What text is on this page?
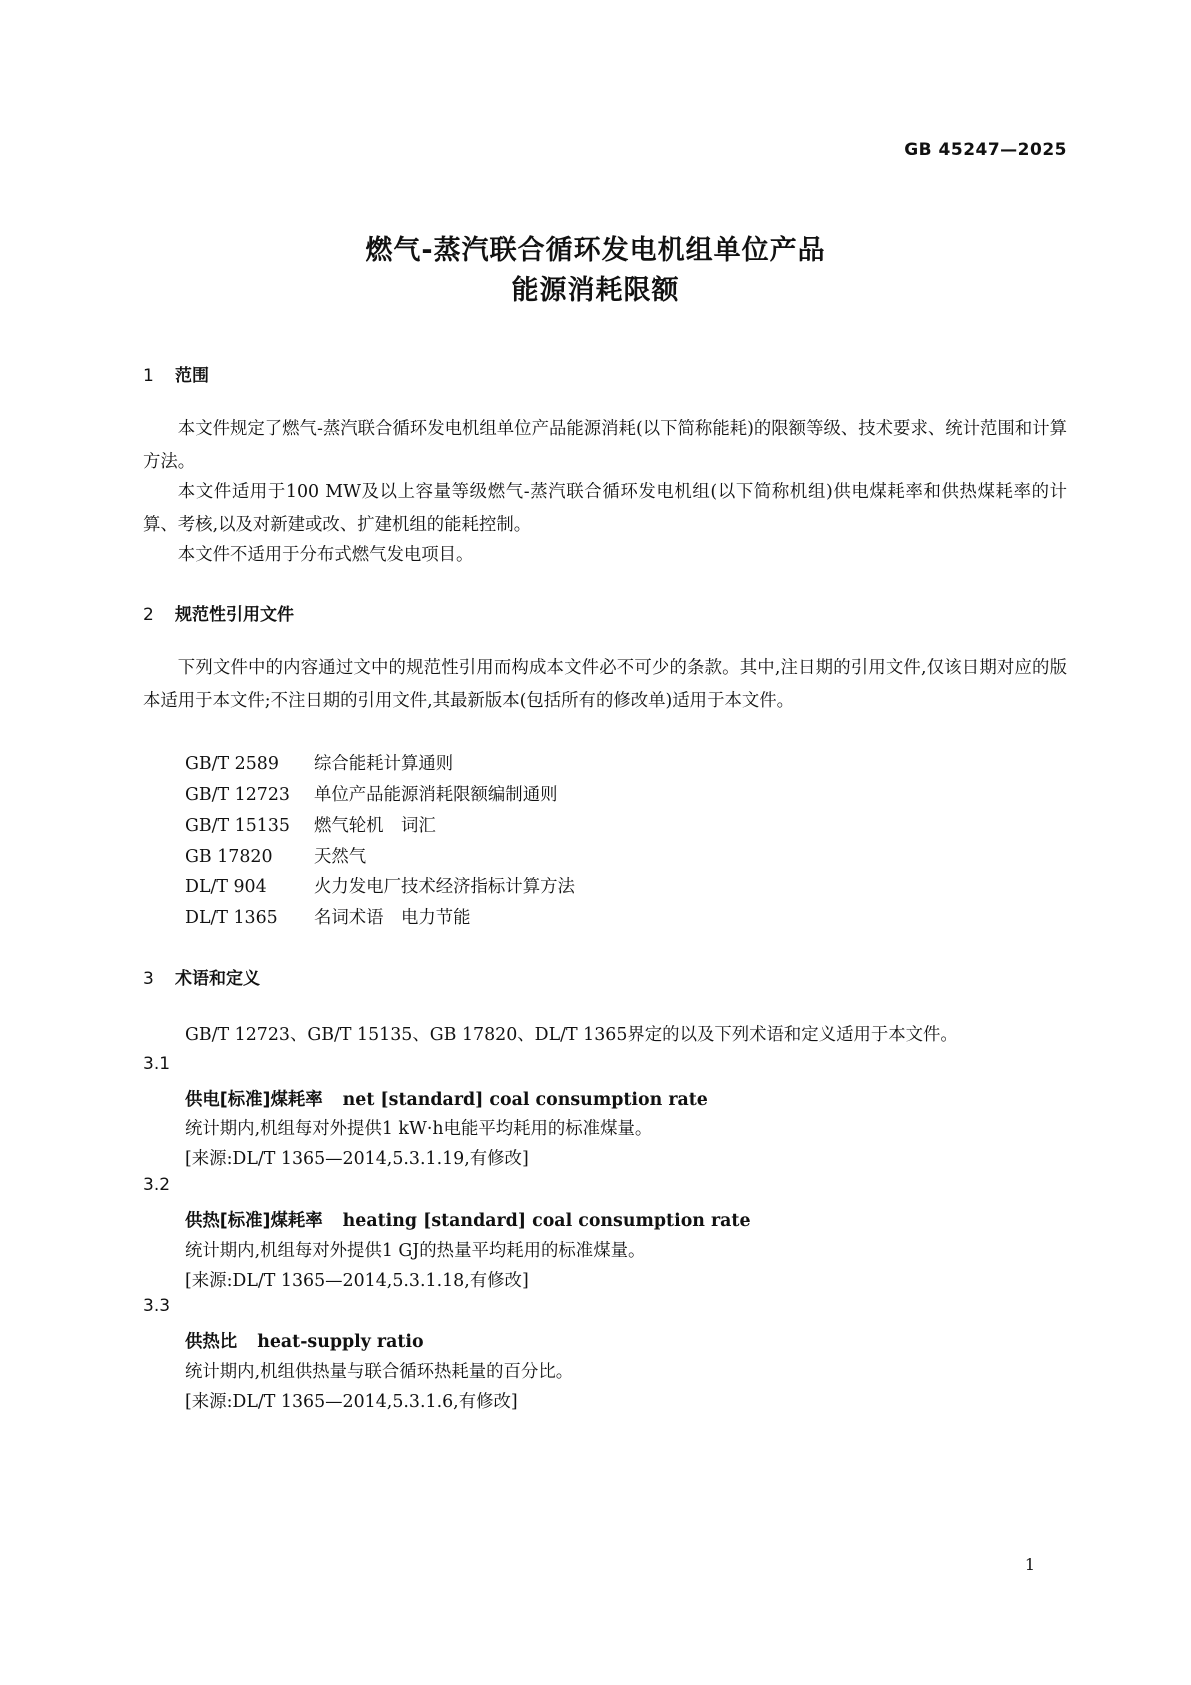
GB 45247—2025

燃气-蒸汽联合循环发电机组单位产品
能源消耗限额
1 范围

本文件规定了燃气-蒸汽联合循环发电机组单位产品能源消耗(以下简称能耗)的限额等级、技术要求、统计范围和计算方法。

本文件适用于100 MW及以上容量等级燃气-蒸汽联合循环发电机组(以下简称机组)供电煤耗率和供热煤耗率的计算、考核,以及对新建或改、扩建机组的能耗控制。

本文件不适用于分布式燃气发电项目。

2 规范性引用文件

下列文件中的内容通过文中的规范性引用而构成本文件必不可少的条款。其中,注日期的引用文件,仅该日期对应的版本适用于本文件;不注日期的引用文件,其最新版本(包括所有的修改单)适用于本文件。

GB/T 2589 综合能耗计算通则
GB/T 12723 单位产品能源消耗限额编制通则
GB/T 15135 燃气轮机　词汇
GB 17820 天然气
DL/T 904	火力发电厂技术经济指标计算方法
DL/T 1365 名词术语　电力节能
3 术语和定义

GB/T 12723、GB/T 15135、GB 17820、DL/T 1365界定的以及下列术语和定义适用于本文件。

3.1
供电[标准]煤耗率 net [standard] coal consumption rate

统计期内,机组每对外提供1 kW·h电能平均耗用的标准煤量。

[来源:DL/T 1365—2014,5.3.1.19,有修改]

3.2
供热[标准]煤耗率 heating [standard] coal consumption rate

统计期内,机组每对外提供1 GJ的热量平均耗用的标准煤量。

[来源:DL/T 1365—2014,5.3.1.18,有修改]

3.3
供热比 heat-supply ratio

统计期内,机组供热量与联合循环热耗量的百分比。

[来源:DL/T 1365—2014,5.3.1.6,有修改]

1
